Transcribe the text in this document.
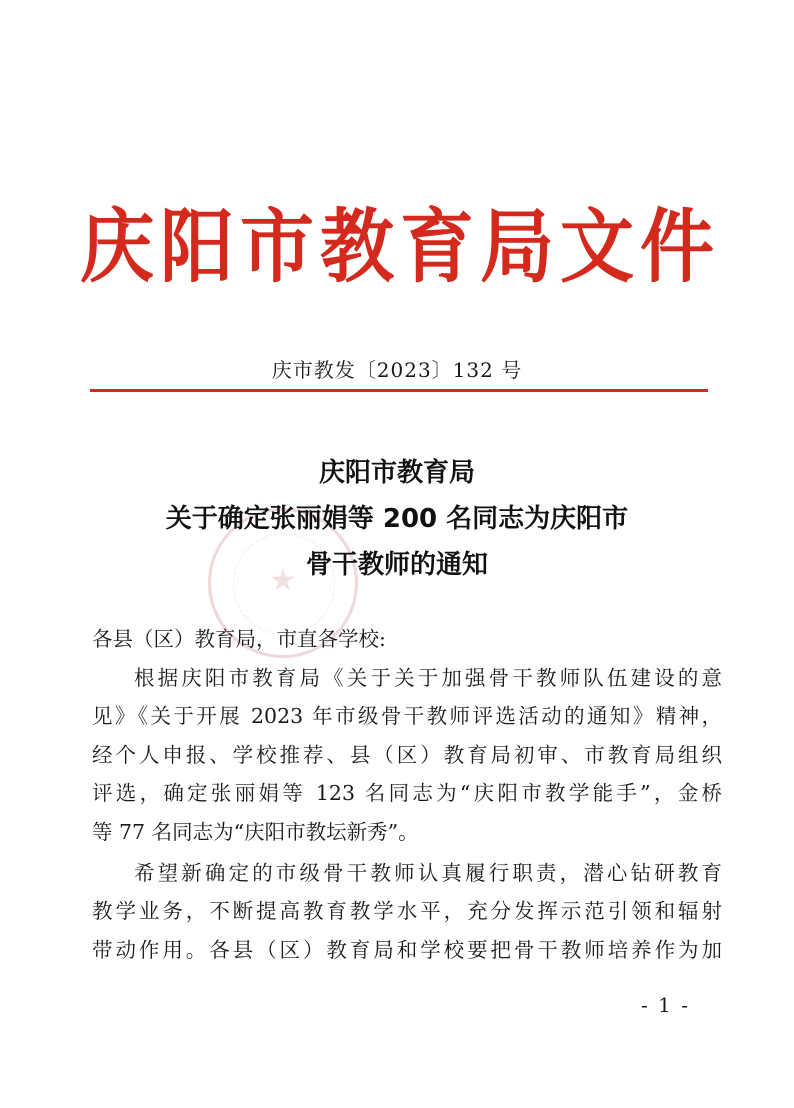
庆阳市教育局文件
庆市教发〔2023〕132 号
★
庆阳市教育局
关于确定张丽娟等 200 名同志为庆阳市
骨干教师的通知
各县（区）教育局，市直各学校:
根据庆阳市教育局《关于关于加强骨干教师队伍建设的意
见》《关于开展 2023 年市级骨干教师评选活动的通知》精神，
经个人申报、学校推荐、县（区）教育局初审、市教育局组织
评选，确定张丽娟等 123 名同志为“庆阳市教学能手”，金桥
等 77 名同志为“庆阳市教坛新秀”。
希望新确定的市级骨干教师认真履行职责，潜心钻研教育
教学业务，不断提高教育教学水平，充分发挥示范引领和辐射
带动作用。各县（区）教育局和学校要把骨干教师培养作为加
- 1 -
